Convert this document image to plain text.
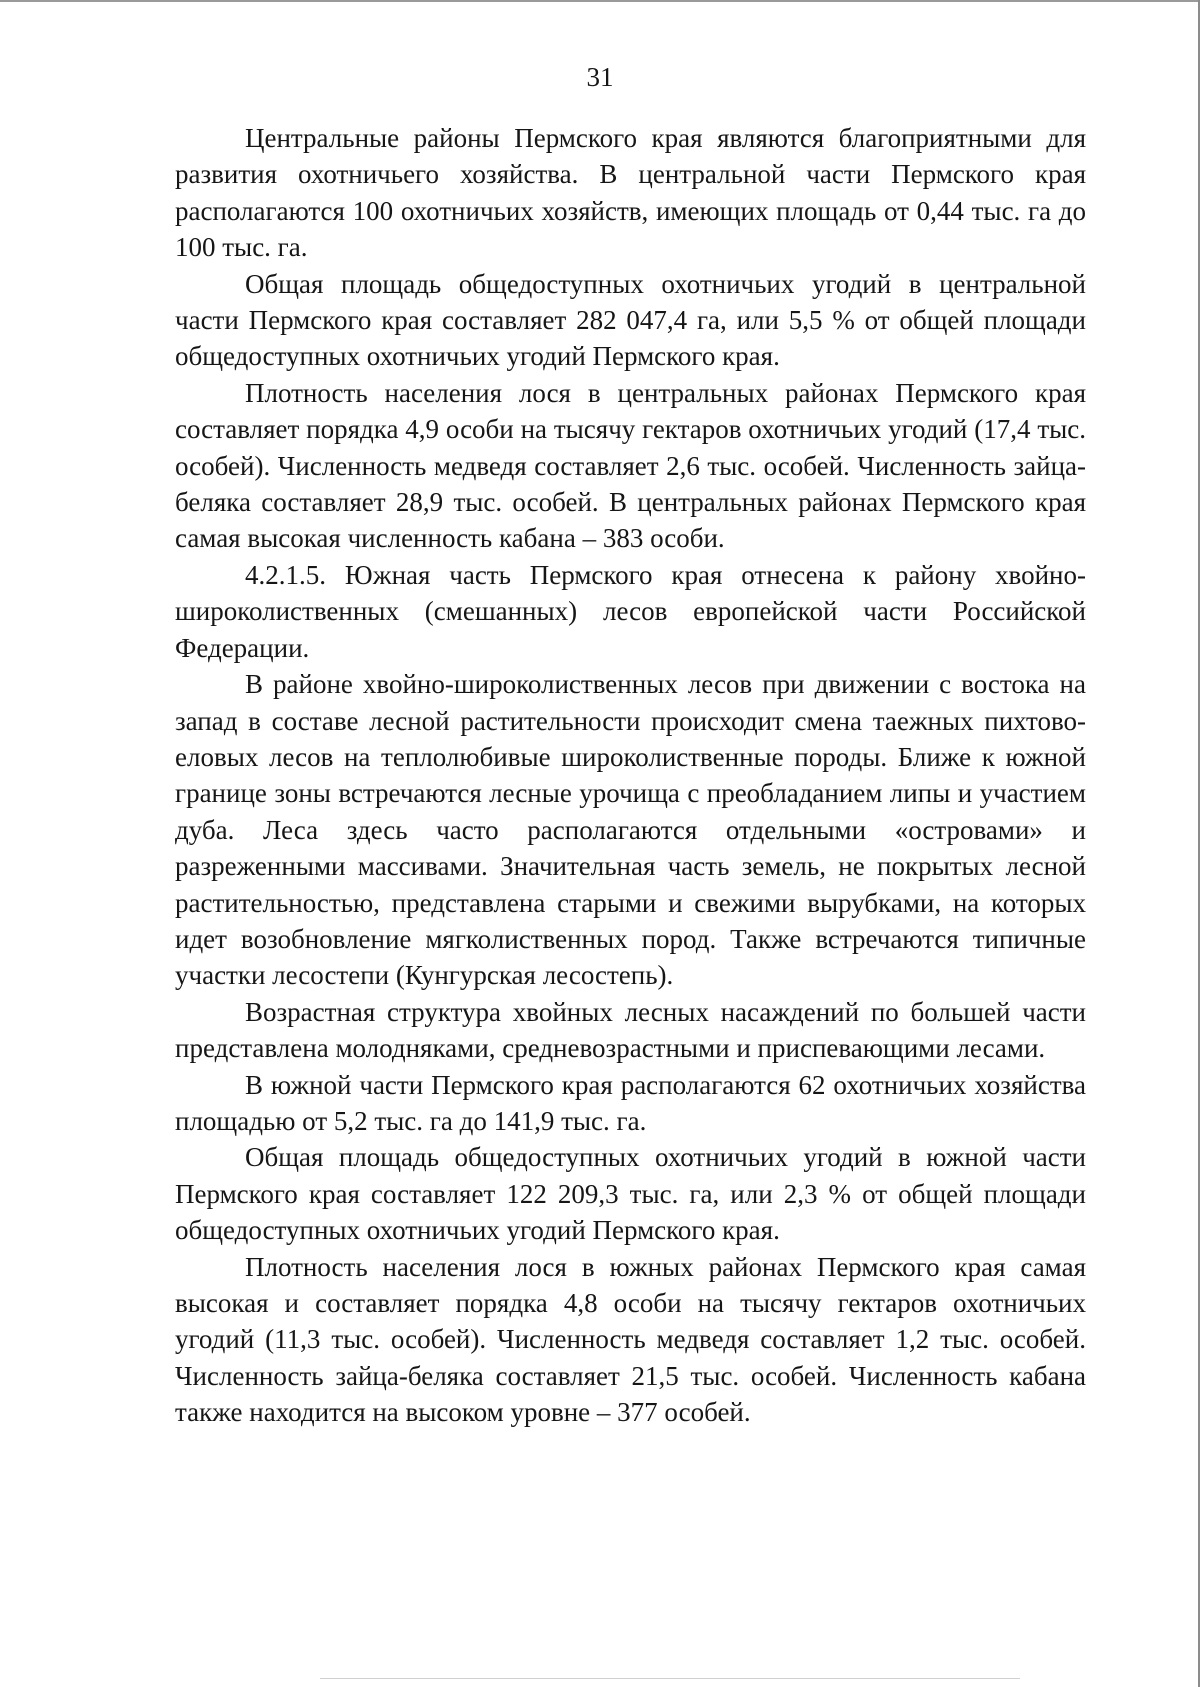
31

Центральные районы Пермского края являются благоприятными для развития охотничьего хозяйства. В центральной части Пермского края располагаются 100 охотничьих хозяйств, имеющих площадь от 0,44 тыс. га до 100 тыс. га.

Общая площадь общедоступных охотничьих угодий в центральной части Пермского края составляет 282 047,4 га, или 5,5 % от общей площади общедоступных охотничьих угодий Пермского края.

Плотность населения лося в центральных районах Пермского края составляет порядка 4,9 особи на тысячу гектаров охотничьих угодий (17,4 тыс. особей). Численность медведя составляет 2,6 тыс. особей. Численность зайца-беляка составляет 28,9 тыс. особей. В центральных районах Пермского края самая высокая численность кабана – 383 особи.

4.2.1.5. Южная часть Пермского края отнесена к району хвойно-широколиственных (смешанных) лесов европейской части Российской Федерации.

В районе хвойно-широколиственных лесов при движении с востока на запад в составе лесной растительности происходит смена таежных пихтово-еловых лесов на теплолюбивые широколиственные породы. Ближе к южной границе зоны встречаются лесные урочища с преобладанием липы и участием дуба. Леса здесь часто располагаются отдельными «островами» и разреженными массивами. Значительная часть земель, не покрытых лесной растительностью, представлена старыми и свежими вырубками, на которых идет возобновление мягколиственных пород. Также встречаются типичные участки лесостепи (Кунгурская лесостепь).

Возрастная структура хвойных лесных насаждений по большей части представлена молодняками, средневозрастными и приспевающими лесами.

В южной части Пермского края располагаются 62 охотничьих хозяйства площадью от 5,2 тыс. га до 141,9 тыс. га.

Общая площадь общедоступных охотничьих угодий в южной части Пермского края составляет 122 209,3 тыс. га, или 2,3 % от общей площади общедоступных охотничьих угодий Пермского края.

Плотность населения лося в южных районах Пермского края самая высокая и составляет порядка 4,8 особи на тысячу гектаров охотничьих угодий (11,3 тыс. особей). Численность медведя составляет 1,2 тыс. особей. Численность зайца-беляка составляет 21,5 тыс. особей. Численность кабана также находится на высоком уровне – 377 особей.
